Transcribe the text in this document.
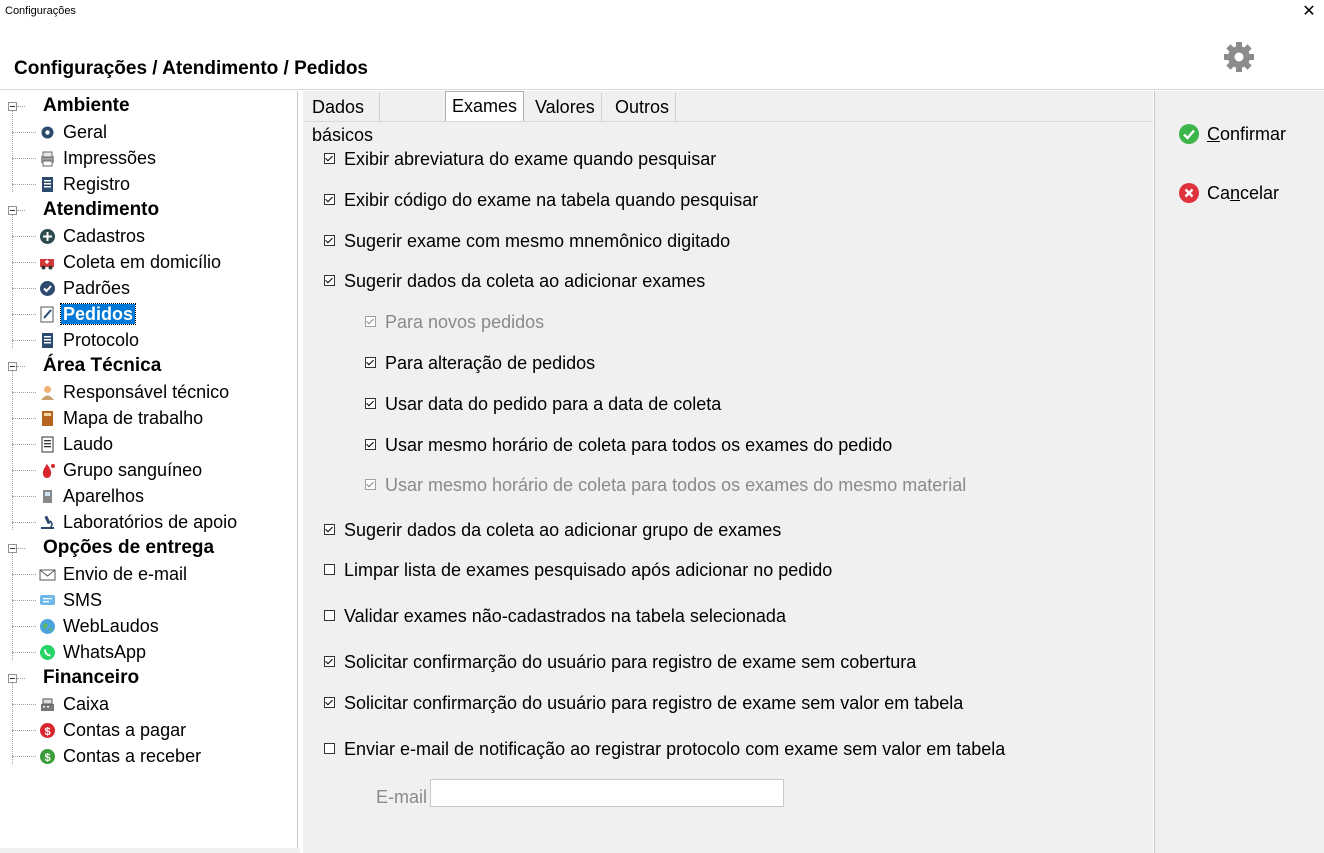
Configurações	✕
Configurações / Atendimento / Pedidos
Ambiente
Geral
Impressões
Registro
Atendimento
Cadastros
Coleta em domicílio
Padrões
Pedidos
Protocolo
Área Técnica
Responsável técnico
Mapa de trabalho
Laudo
Grupo sanguíneo
Aparelhos
Laboratórios de apoio
Opções de entrega
Envio de e-mail
SMS
WebLaudos
WhatsApp
Financeiro
Caixa
$ Contas a pagar
$ Contas a receber
Dados básicos
Exames Valores	Outros
Exibir abreviatura do exame quando pesquisar
Exibir código do exame na tabela quando pesquisar
Sugerir exame com mesmo mnemônico digitado
Sugerir dados da coleta ao adicionar exames
Para novos pedidos
Para alteração de pedidos
Usar data do pedido para a data de coleta
Usar mesmo horário de coleta para todos os exames do pedido
Usar mesmo horário de coleta para todos os exames do mesmo material
Sugerir dados da coleta ao adicionar grupo de exames
Limpar lista de exames pesquisado após adicionar no pedido
Validar exames não-cadastrados na tabela selecionada
Solicitar confirmarção do usuário para registro de exame sem cobertura
Solicitar confirmarção do usuário para registro de exame sem valor em tabela
Enviar e-mail de notificação ao registrar protocolo com exame sem valor em tabela
E-mail
Confirmar
Cancelar
